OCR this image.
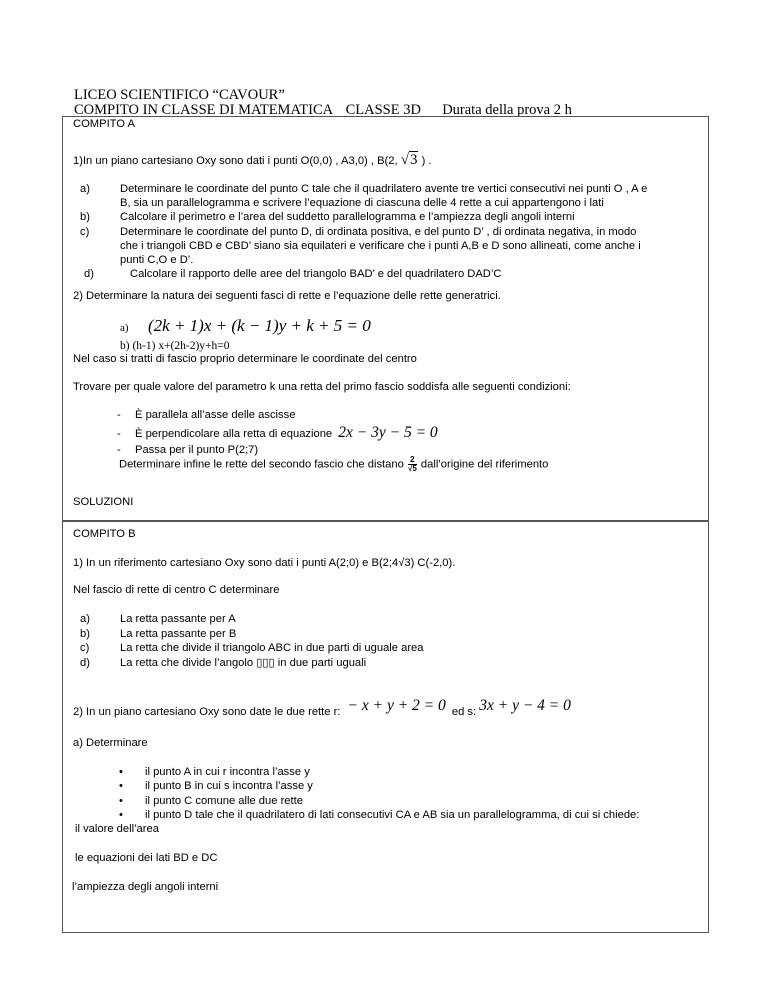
LICEO SCIENTIFICO “CAVOUR”
COMPITO IN CLASSE DI MATEMATICA CLASSE 3D Durata della prova 2 h
COMPITO A
1)In un piano cartesiano Oxy sono dati i punti O(0,0) , A3,0) , B(2, √3 ) .
a)	Determinare le coordinate del punto C tale che il quadrilatero avente tre vertici consecutivi nei punti O , A e
B, sia un parallelogramma e scrivere l’equazione di ciascuna delle 4 rette a cui appartengono i lati
b)	Calcolare il perimetro e l’area del suddetto parallelogramma e l’ampiezza degli angoli interni
c)	Determinare le coordinate del punto D, di ordinata positiva, e del punto D’ , di ordinata negativa, in modo
che i triangoli CBD e CBD’ siano sia equilateri e verificare che i punti A,B e D sono allineati, come anche i
punti C,O e D’.
d)	Calcolare il rapporto delle aree del triangolo BAD’ e del quadrilatero DAD’C
2) Determinare la natura dei seguenti fasci di rette e l’equazione delle rette generatrici.
a) (2k + 1)x + (k − 1)y + k + 5 = 0
b) (h-1) x+(2h-2)y+h=0
Nel caso si tratti di fascio proprio determinare le coordinate del centro
Trovare per quale valore del parametro k una retta del primo fascio soddisfa alle seguenti condizioni:
- È parallela all’asse delle ascisse
- È perpendicolare alla retta di equazione 2x − 3y − 5 = 0
- Passa per il punto P(2;7)
Determinare infine le rette del secondo fascio che distano $\frac{2}{√5}$ dall’origine del riferimento
SOLUZIONI
COMPITO B
1) In un riferimento cartesiano Oxy sono dati i punti A(2;0) e B(2;4√3) C(-2,0).
Nel fascio di rette di centro C determinare
a)	La retta passante per A
b)	La retta passante per B
c)	La retta che divide il triangolo ABC in due parti di uguale area
d)	La retta che divide l’angolo ▯▯▯ in due parti uguali
2) In un piano cartesiano Oxy sono date le due rette r: − x + y + 2 = 0 ed s: 3x + y − 4 = 0
a) Determinare
• il punto A in cui r incontra l’asse y
• il punto B in cui s incontra l’asse y
• il punto C comune alle due rette
• il punto D tale che il quadrilatero di lati consecutivi CA e AB sia un parallelogramma, di cui si chiede:
il valore dell’area
le equazioni dei lati BD e DC
l’ampiezza degli angoli interni
